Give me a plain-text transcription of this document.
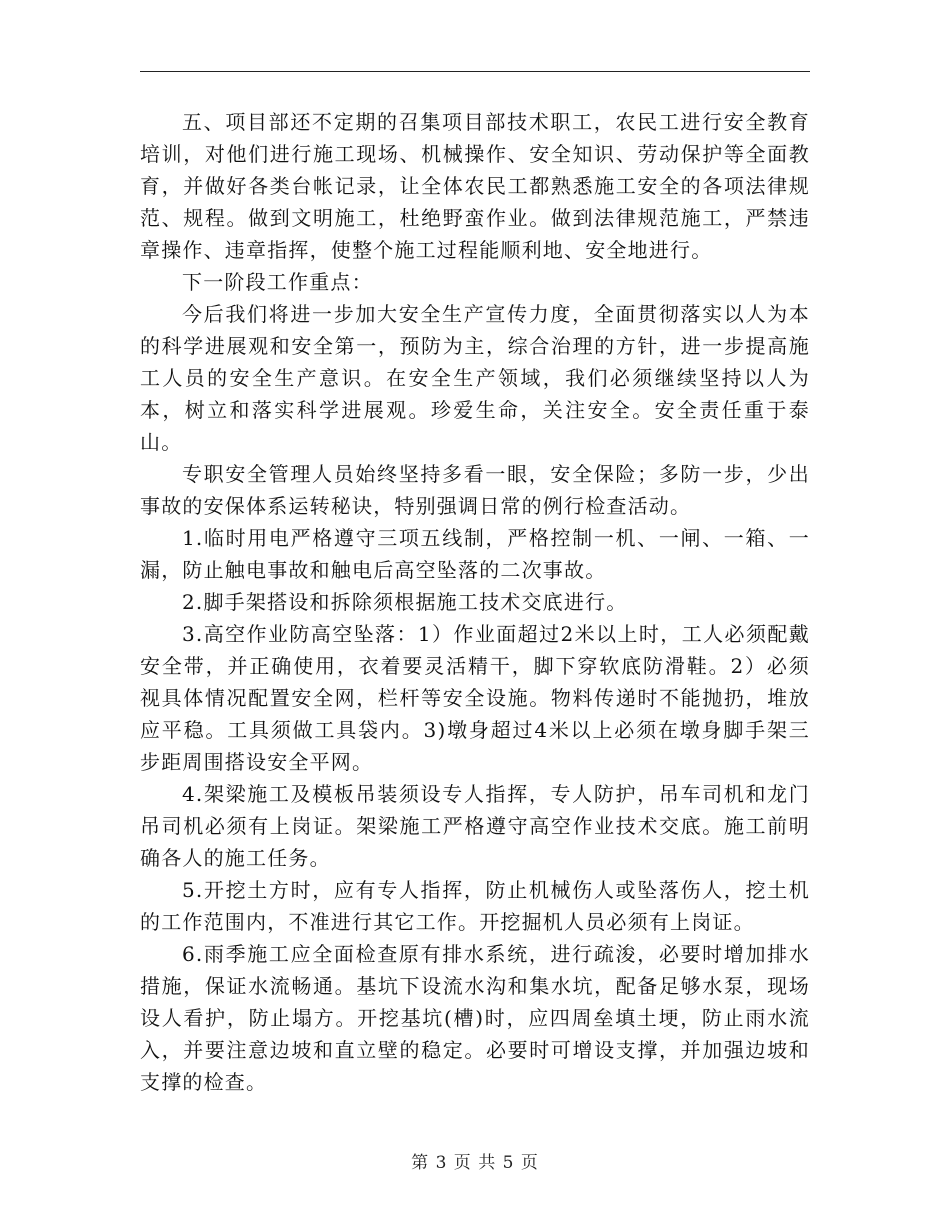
五、项目部还不定期的召集项目部技术职工，农民工进行安全教育培训，对他们进行施工现场、机械操作、安全知识、劳动保护等全面教育，并做好各类台帐记录，让全体农民工都熟悉施工安全的各项法律规范、规程。做到文明施工，杜绝野蛮作业。做到法律规范施工，严禁违章操作、违章指挥，使整个施工过程能顺利地、安全地进行。

下一阶段工作重点：

今后我们将进一步加大安全生产宣传力度，全面贯彻落实以人为本的科学进展观和安全第一，预防为主，综合治理的方针，进一步提高施工人员的安全生产意识。在安全生产领域，我们必须继续坚持以人为本，树立和落实科学进展观。珍爱生命，关注安全。安全责任重于泰山。

专职安全管理人员始终坚持多看一眼，安全保险；多防一步，少出事故的安保体系运转秘诀，特别强调日常的例行检查活动。

1.临时用电严格遵守三项五线制，严格控制一机、一闸、一箱、一漏，防止触电事故和触电后高空坠落的二次事故。

2.脚手架搭设和拆除须根据施工技术交底进行。

3.高空作业防高空坠落：1）作业面超过2米以上时，工人必须配戴安全带，并正确使用，衣着要灵活精干，脚下穿软底防滑鞋。2）必须视具体情况配置安全网，栏杆等安全设施。物料传递时不能抛扔，堆放应平稳。工具须做工具袋内。3)墩身超过4米以上必须在墩身脚手架三步距周围搭设安全平网。

4.架梁施工及模板吊装须设专人指挥，专人防护，吊车司机和龙门吊司机必须有上岗证。架梁施工严格遵守高空作业技术交底。施工前明确各人的施工任务。

5.开挖土方时，应有专人指挥，防止机械伤人或坠落伤人，挖土机的工作范围内，不准进行其它工作。开挖掘机人员必须有上岗证。

6.雨季施工应全面检查原有排水系统，进行疏浚，必要时增加排水措施，保证水流畅通。基坑下设流水沟和集水坑，配备足够水泵，现场设人看护，防止塌方。开挖基坑(槽)时，应四周垒填土埂，防止雨水流入，并要注意边坡和直立壁的稳定。必要时可增设支撑，并加强边坡和支撑的检查。

第 3 页 共 5 页
